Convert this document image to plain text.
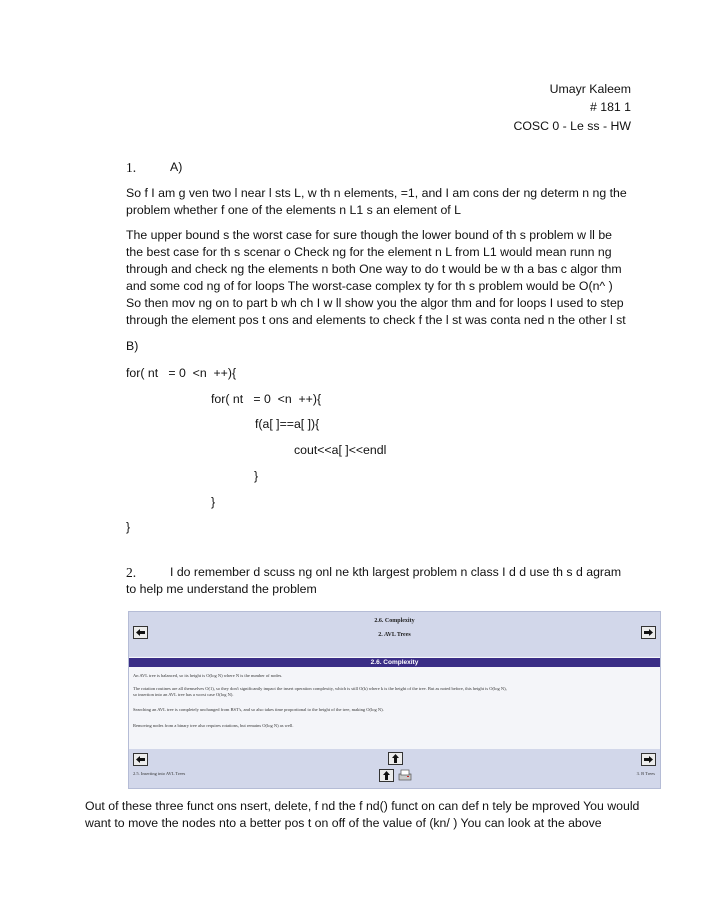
Umayr Kaleem
# 181 1
COSC 0 - Le ss - HW
1.	A)
So f I am g ven two l near l sts L, w th n elements, =1, and I am cons der ng determ n ng the problem whether f one of the elements n L1 s an element of L
The upper bound s the worst case for sure though the lower bound of th s problem w ll be the best case for th s scenar o Check ng for the element n L from L1 would mean runn ng through and check ng the elements n both One way to do t would be w th a bas c algor thm and some cod ng of for loops The worst-case complex ty for th s problem would be O(n^ ) So then mov ng on to part b wh ch I w ll show you the algor thm and for loops I used to step through the element pos t ons and elements to check f the l st was conta ned n the other l st
B)
for( nt   = 0  <n  ++){
for( nt   = 0  <n  ++){
f(a[ ]==a[ ]){
cout<<a[ ]<<endl
}
}
}
2.	I do remember d scuss ng onl ne kth largest problem n class I d d use th s d agram to help me understand the problem
2.6. Complexity
2. AVL Trees
2.6. Complexity
An AVL tree is balanced, so its height is O(log N) where N is the number of nodes.
The rotation routines are all themselves O(1), so they don't significantly impact the insert operation complexity, which is still O(k) where k is the height of the tree. But as noted before, this height is O(log N),
so insertion into an AVL tree has a worst case O(log N).
Searching an AVL tree is completely unchanged from BST's, and so also takes time proportional to the height of the tree, making O(log N).
Removing nodes from a binary tree also requires rotations, but remains O(log N) as well.
2.5. Inserting into AVL Trees	3. B Trees
Out of these three funct ons nsert, delete, f nd the f nd() funct on can def n tely be mproved You would want to move the nodes nto a better pos t on off of the value of (kn/ ) You can look at the above
